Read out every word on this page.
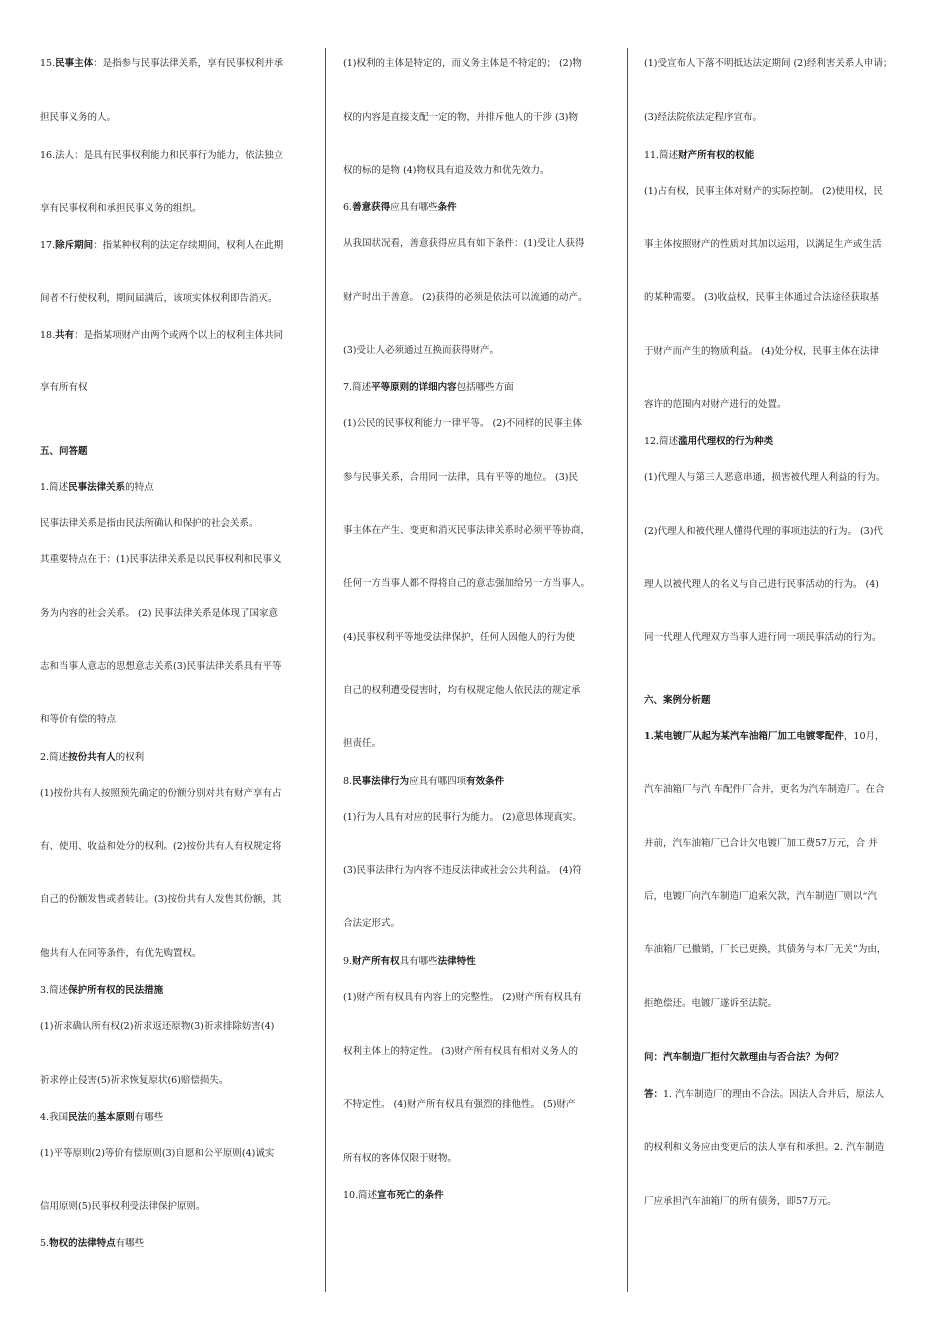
15.民事主体：是指参与民事法律关系，享有民事权利并承
担民事义务的人。
16.法人：是具有民事权利能力和民事行为能力，依法独立
享有民事权利和承担民事义务的组织。
17.除斥期间：指某种权利的法定存续期间，权利人在此期
间者不行使权利，期间届满后，该项实体权利即告消灭。
18.共有：是指某项财产由两个或两个以上的权利主体共同
享有所有权
五、问答题
1.简述民事法律关系的特点
民事法律关系是指由民法所确认和保护的社会关系。
其重要特点在于：(1)民事法律关系是以民事权利和民事义
务为内容的社会关系。 (2) 民事法律关系是体现了国家意
志和当事人意志的思想意志关系(3)民事法律关系具有平等
和等价有偿的特点
2.简述按份共有人的权利
(1)按份共有人按照预先确定的份额分别对共有财产享有占
有、使用、收益和处分的权利。(2)按份共有人有权规定将
自己的份额发售或者转让。(3)按份共有人发售其份额，其
他共有人在同等条件，有优先购置权。
3.简述保护所有权的民法措施
(1)祈求确认所有权(2)祈求返还原物(3)祈求排除妨害(4)
祈求停止侵害(5)祈求恢复原状(6)赔偿损失。
4.我国民法的基本原则有哪些
(1)平等原则(2)等价有偿原则(3)自愿和公平原则(4)诚实
信用原则(5)民事权利受法律保护原则。
5.物权的法律特点有哪些
(1)权利的主体是特定的，而义务主体是不特定的； (2)物
权的内容是直接支配一定的物，并排斥他人的干涉 (3)物
权的标的是物 (4)物权具有追及效力和优先效力。
6.善意获得应具有哪些条件
从我国状况看，善意获得应具有如下条件：(1)受让人获得
财产时出于善意。 (2)获得的必须是依法可以流通的动产。
(3)受让人必须通过互换而获得财产。
7.简述平等原则的详细内容包括哪些方面
(1)公民的民事权利能力一律平等。 (2)不同样的民事主体
参与民事关系，合用同一法律，具有平等的地位。 (3)民
事主体在产生、变更和消灭民事法律关系时必须平等协商，
任何一方当事人都不得将自己的意志强加给另一方当事人。
(4)民事权利平等地受法律保护，任何人因他人的行为使
自己的权利遭受侵害时，均有权规定他人依民法的规定承
担责任。
8.民事法律行为应具有哪四项有效条件
(1)行为人具有对应的民事行为能力。 (2)意思体现真实。
(3)民事法律行为内容不违反法律或社会公共利益。 (4)符
合法定形式。
9.财产所有权具有哪些法律特性
(1)财产所有权具有内容上的完整性。 (2)财产所有权具有
权利主体上的特定性。 (3)财产所有权具有相对义务人的
不特定性。 (4)财产所有权具有强烈的排他性。 (5)财产
所有权的客体仅限于财物。
10.简述宣布死亡的条件
(1)受宣布人下落不明抵达法定期间 (2)经利害关系人申请；
(3)经法院依法定程序宣布。
11.简述财产所有权的权能
(1)占有权，民事主体对财产的实际控制。 (2)使用权，民
事主体按照财产的性质对其加以运用，以满足生产或生活
的某种需要。 (3)收益权，民事主体通过合法途径获取基
于财产而产生的物质利益。 (4)处分权，民事主体在法律
容许的范围内对财产进行的处置。
12.简述滥用代理权的行为种类
(1)代理人与第三人恶意串通，损害被代理人利益的行为。
(2)代理人和被代理人懂得代理的事项违法的行为。 (3)代
理人以被代理人的名义与自己进行民事活动的行为。 (4)
同一代理人代理双方当事人进行同一项民事活动的行为。
六、案例分析题
1.某电镀厂从起为某汽车油箱厂加工电镀零配件，10月，
汽车油箱厂与汽 车配件厂合并，更名为汽车制造厂。在合
并前，汽车油箱厂已合计欠电镀厂加工费57万元，合 并
后，电镀厂向汽车制造厂追索欠款，汽车制造厂则以“汽
车油箱厂已撤销，厂长已更换，其债务与本厂无关”为由，
拒绝偿还。电镀厂遂诉至法院。
问：汽车制造厂拒付欠款理由与否合法？为何？
答：1. 汽车制造厂的理由不合法。因法人合并后，原法人
的权利和义务应由变更后的法人享有和承担。2. 汽车制造
厂应承担汽车油箱厂的所有债务，即57万元。
